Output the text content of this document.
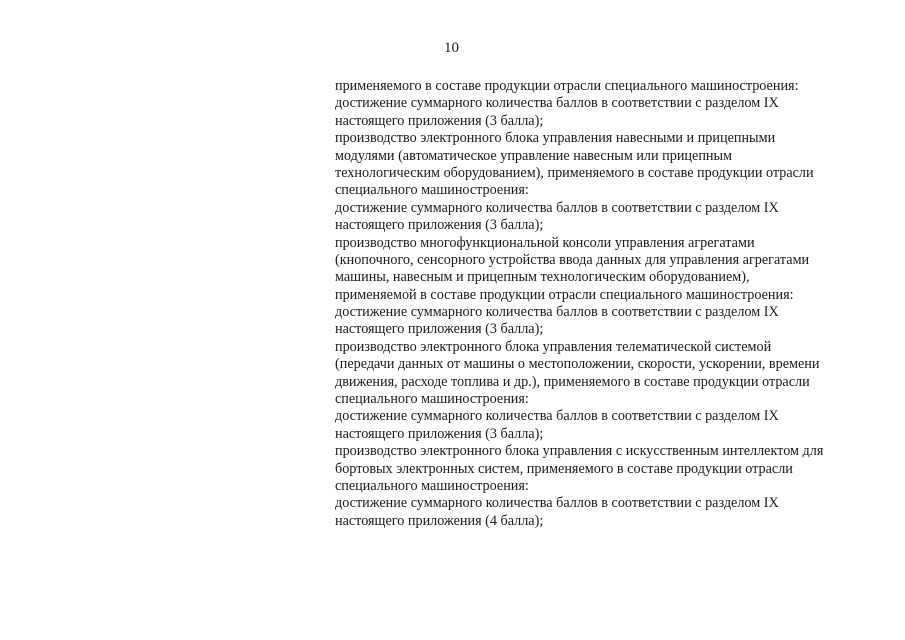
10
применяемого в составе продукции отрасли специального машиностроения:
достижение суммарного количества баллов в соответствии с разделом IX
настоящего приложения (3 балла);
производство электронного блока управления навесными и прицепными
модулями (автоматическое управление навесным или прицепным
технологическим оборудованием), применяемого в составе продукции отрасли
специального машиностроения:
достижение суммарного количества баллов в соответствии с разделом IX
настоящего приложения (3 балла);
производство многофункциональной консоли управления агрегатами
(кнопочного, сенсорного устройства ввода данных для управления агрегатами
машины, навесным и прицепным технологическим оборудованием),
применяемой в составе продукции отрасли специального машиностроения:
достижение суммарного количества баллов в соответствии с разделом IX
настоящего приложения (3 балла);
производство электронного блока управления телематической системой
(передачи данных от машины о местоположении, скорости, ускорении, времени
движения, расходе топлива и др.), применяемого в составе продукции отрасли
специального машиностроения:
достижение суммарного количества баллов в соответствии с разделом IX
настоящего приложения (3 балла);
производство электронного блока управления с искусственным интеллектом для
бортовых электронных систем, применяемого в составе продукции отрасли
специального машиностроения:
достижение суммарного количества баллов в соответствии с разделом IX
настоящего приложения (4 балла);
